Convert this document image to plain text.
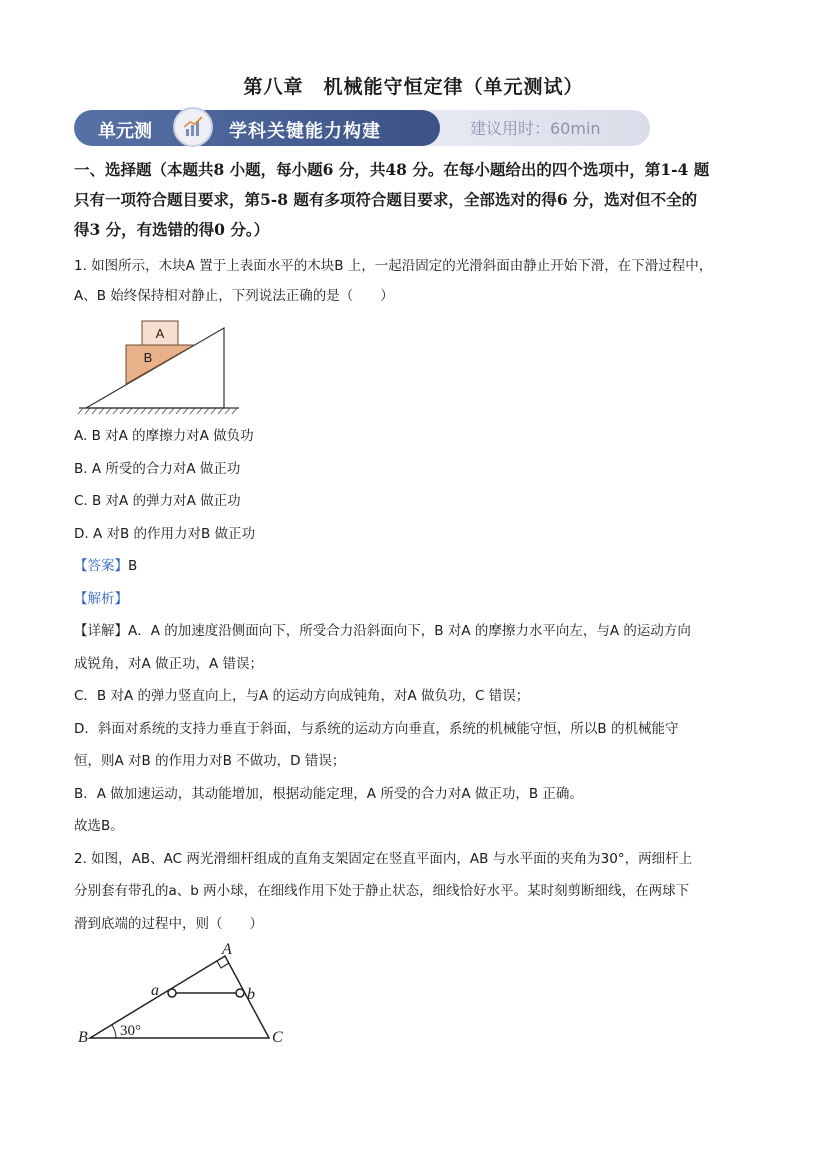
第八章　机械能守恒定律（单元测试）
单元测	学科关键能力构建	建议用时：60min
一、选择题（本题共8 小题，每小题6 分，共48 分。在每小题给出的四个选项中，第1-4 题
只有一项符合题目要求，第5-8 题有多项符合题目要求，全部选对的得6 分，选对但不全的
得3 分，有选错的得0 分。）
1. 如图所示，木块A 置于上表面水平的木块B 上，一起沿固定的光滑斜面由静止开始下滑，在下滑过程中，
A、B 始终保持相对静止，下列说法正确的是（　　）
A
B
A. B 对A 的摩擦力对A 做负功
B. A 所受的合力对A 做正功
C. B 对A 的弹力对A 做正功
D. A 对B 的作用力对B 做正功
【答案】B
【解析】
【详解】A．A 的加速度沿侧面向下，所受合力沿斜面向下，B 对A 的摩擦力水平向左，与A 的运动方向
成锐角，对A 做正功，A 错误；
C．B 对A 的弹力竖直向上，与A 的运动方向成钝角，对A 做负功，C 错误；
D．斜面对系统的支持力垂直于斜面，与系统的运动方向垂直，系统的机械能守恒，所以B 的机械能守
恒，则A 对B 的作用力对B 不做功，D 错误；
B．A 做加速运动，其动能增加，根据动能定理，A 所受的合力对A 做正功，B 正确。
故选B。
2. 如图，AB、AC 两光滑细杆组成的直角支架固定在竖直平面内，AB 与水平面的夹角为30°，两细杆上
分别套有带孔的a、b 两小球，在细线作用下处于静止状态，细线恰好水平。某时刻剪断细线，在两球下
滑到底端的过程中，则（　　）
A
B	C
a	b
30°
